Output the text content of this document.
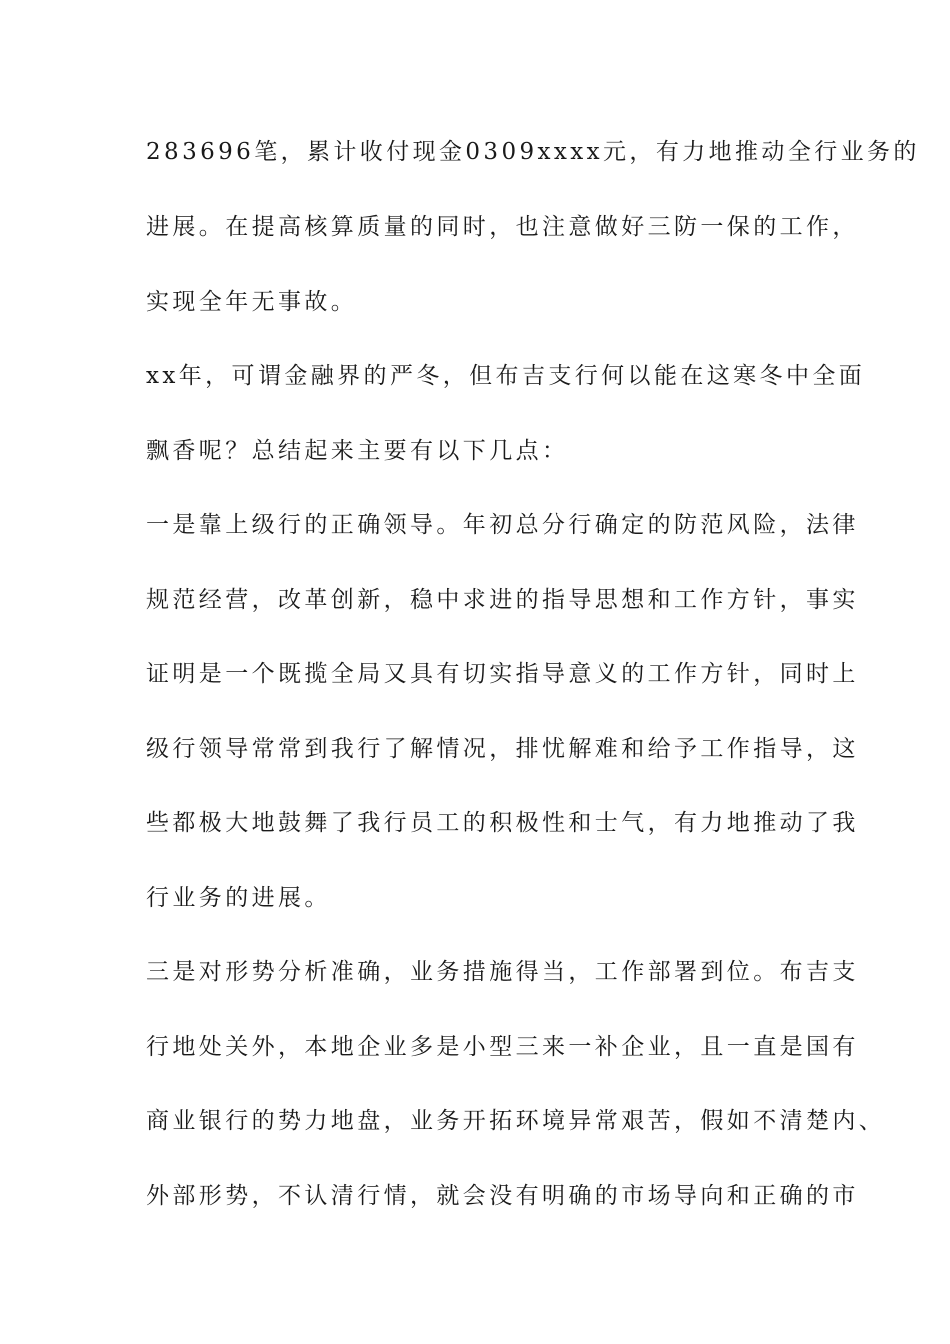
283696笔，累计收付现金0309xxxx元，有力地推动全行业务的

进展。在提高核算质量的同时，也注意做好三防一保的工作，

实现全年无事故。

xx年，可谓金融界的严冬，但布吉支行何以能在这寒冬中全面

飘香呢？总结起来主要有以下几点：

一是靠上级行的正确领导。年初总分行确定的防范风险，法律

规范经营，改革创新，稳中求进的指导思想和工作方针，事实

证明是一个既揽全局又具有切实指导意义的工作方针，同时上

级行领导常常到我行了解情况，排忧解难和给予工作指导，这

些都极大地鼓舞了我行员工的积极性和士气，有力地推动了我

行业务的进展。

三是对形势分析准确，业务措施得当，工作部署到位。布吉支

行地处关外，本地企业多是小型三来一补企业，且一直是国有

商业银行的势力地盘，业务开拓环境异常艰苦，假如不清楚内、

外部形势，不认清行情，就会没有明确的市场导向和正确的市
